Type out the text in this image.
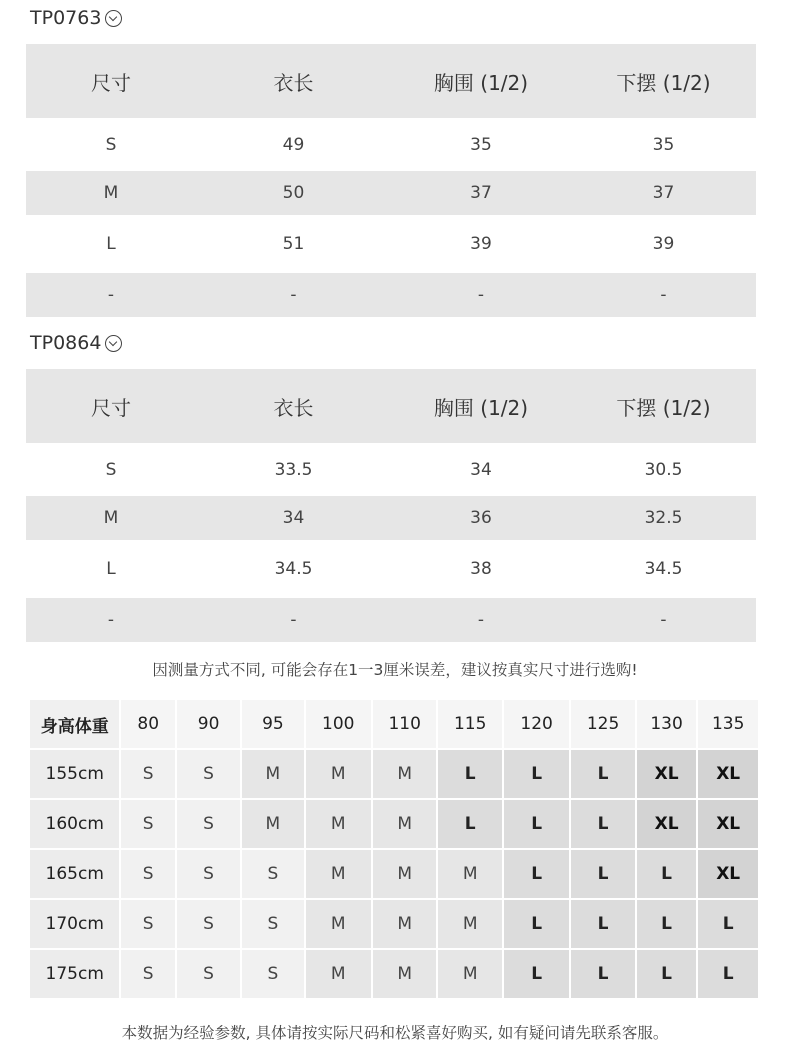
TP0763
尺寸	衣长	胸围 (1/2)	下摆 (1/2)
S	49	35	35
M	50	37	37
L	51	39	39
-	-	-	-
TP0864
尺寸	衣长	胸围 (1/2)	下摆 (1/2)
S	33.5	34	30.5
M	34	36	32.5
L	34.5	38	34.5
-	-	-	-
因测量方式不同, 可能会存在1一3厘米误差，建议按真实尺寸进行选购!
身高体重	80	90	95	100	110	115	120	125	130	135
155cm	S	S	M	M	M	L	L	L	XL	XL
160cm	S	S	M	M	M	L	L	L	XL	XL
165cm	S	S	S	M	M	M	L	L	L	XL
170cm	S	S	S	M	M	M	L	L	L	L
175cm	S	S	S	M	M	M	L	L	L	L
本数据为经验参数, 具体请按实际尺码和松紧喜好购买, 如有疑问请先联系客服。
